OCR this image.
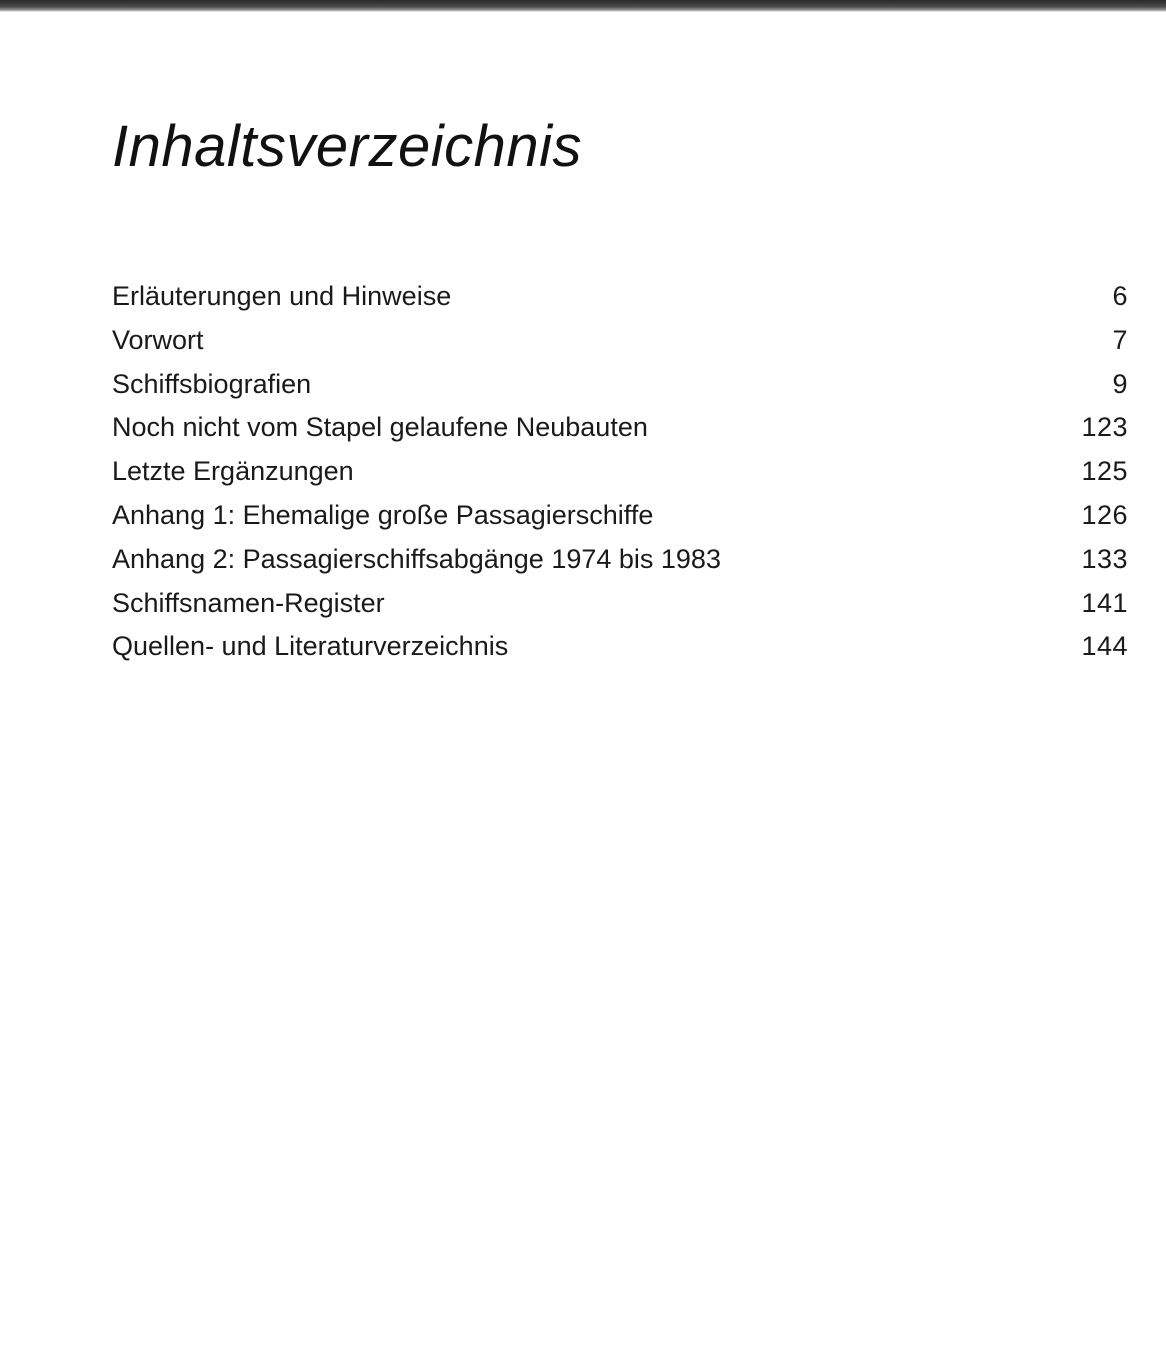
Inhaltsverzeichnis
Erläuterungen und Hinweise	6
Vorwort	7
Schiffsbiografien	9
Noch nicht vom Stapel gelaufene Neubauten	123
Letzte Ergänzungen	125
Anhang 1: Ehemalige große Passagierschiffe	126
Anhang 2: Passagierschiffsabgänge 1974 bis 1983	133
Schiffsnamen-Register	141
Quellen- und Literaturverzeichnis	144
